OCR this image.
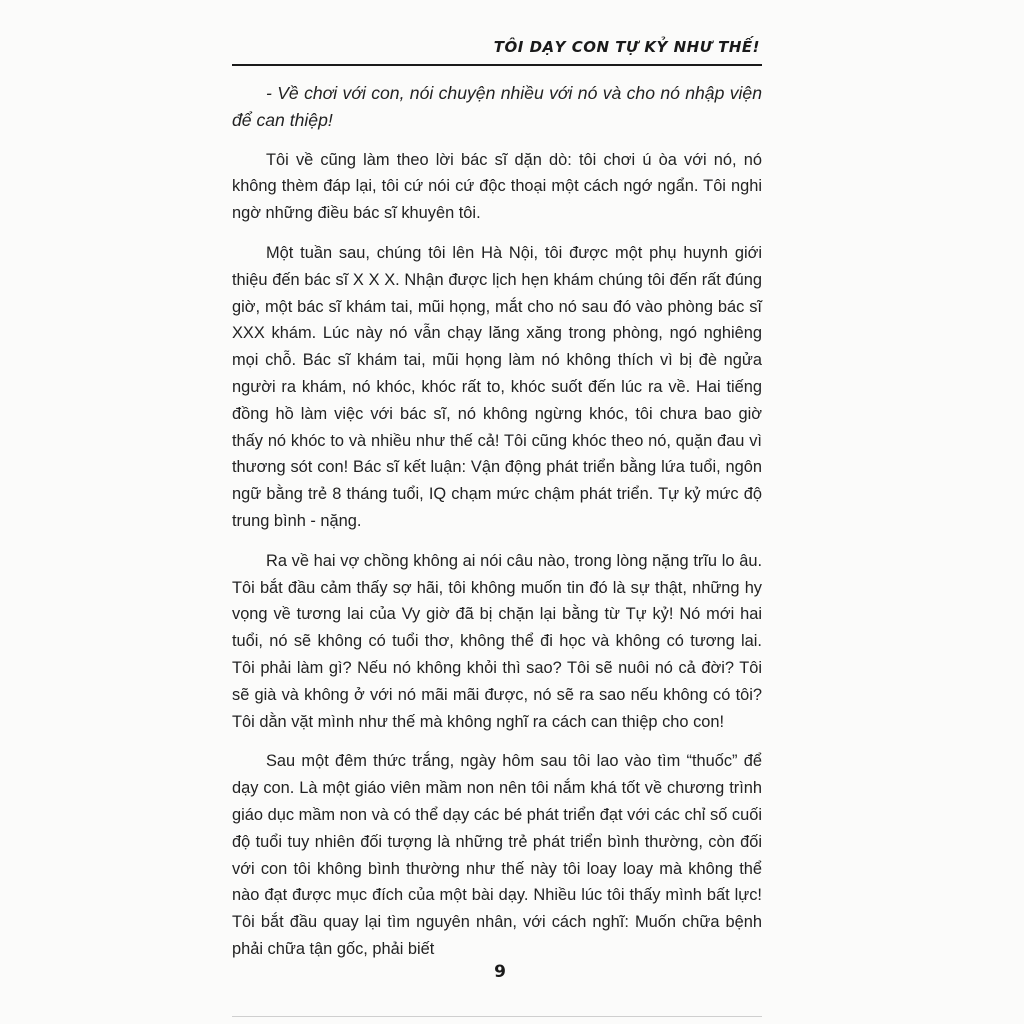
TÔI DẠY CON TỰ KỶ NHƯ THẾ!

- Về chơi với con, nói chuyện nhiều với nó và cho nó nhập viện để can thiệp!

Tôi về cũng làm theo lời bác sĩ dặn dò: tôi chơi ú òa với nó, nó không thèm đáp lại, tôi cứ nói cứ độc thoại một cách ngớ ngẩn. Tôi nghi ngờ những điều bác sĩ khuyên tôi.

Một tuần sau, chúng tôi lên Hà Nội, tôi được một phụ huynh giới thiệu đến bác sĩ X X X. Nhận được lịch hẹn khám chúng tôi đến rất đúng giờ, một bác sĩ khám tai, mũi họng, mắt cho nó sau đó vào phòng bác sĩ XXX khám. Lúc này nó vẫn chạy lăng xăng trong phòng, ngó nghiêng mọi chỗ. Bác sĩ khám tai, mũi họng làm nó không thích vì bị đè ngửa người ra khám, nó khóc, khóc rất to, khóc suốt đến lúc ra về. Hai tiếng đồng hồ làm việc với bác sĩ, nó không ngừng khóc, tôi chưa bao giờ thấy nó khóc to và nhiều như thế cả! Tôi cũng khóc theo nó, quặn đau vì thương sót con! Bác sĩ kết luận: Vận động phát triển bằng lứa tuổi, ngôn ngữ bằng trẻ 8 tháng tuổi, IQ chạm mức chậm phát triển. Tự kỷ mức độ trung bình - nặng.

Ra về hai vợ chồng không ai nói câu nào, trong lòng nặng trĩu lo âu. Tôi bắt đầu cảm thấy sợ hãi, tôi không muốn tin đó là sự thật, những hy vọng về tương lai của Vy giờ đã bị chặn lại bằng từ Tự kỷ! Nó mới hai tuổi, nó sẽ không có tuổi thơ, không thể đi học và không có tương lai. Tôi phải làm gì? Nếu nó không khỏi thì sao? Tôi sẽ nuôi nó cả đời? Tôi sẽ già và không ở với nó mãi mãi được, nó sẽ ra sao nếu không có tôi? Tôi dằn vặt mình như thế mà không nghĩ ra cách can thiệp cho con!

Sau một đêm thức trắng, ngày hôm sau tôi lao vào tìm “thuốc” để dạy con. Là một giáo viên mầm non nên tôi nắm khá tốt về chương trình giáo dục mầm non và có thể dạy các bé phát triển đạt với các chỉ số cuối độ tuổi tuy nhiên đối tượng là những trẻ phát triển bình thường, còn đối với con tôi không bình thường như thế này tôi loay loay mà không thể nào đạt được mục đích của một bài dạy. Nhiều lúc tôi thấy mình bất lực! Tôi bắt đầu quay lại tìm nguyên nhân, với cách nghĩ: Muốn chữa bệnh phải chữa tận gốc, phải biết

9
